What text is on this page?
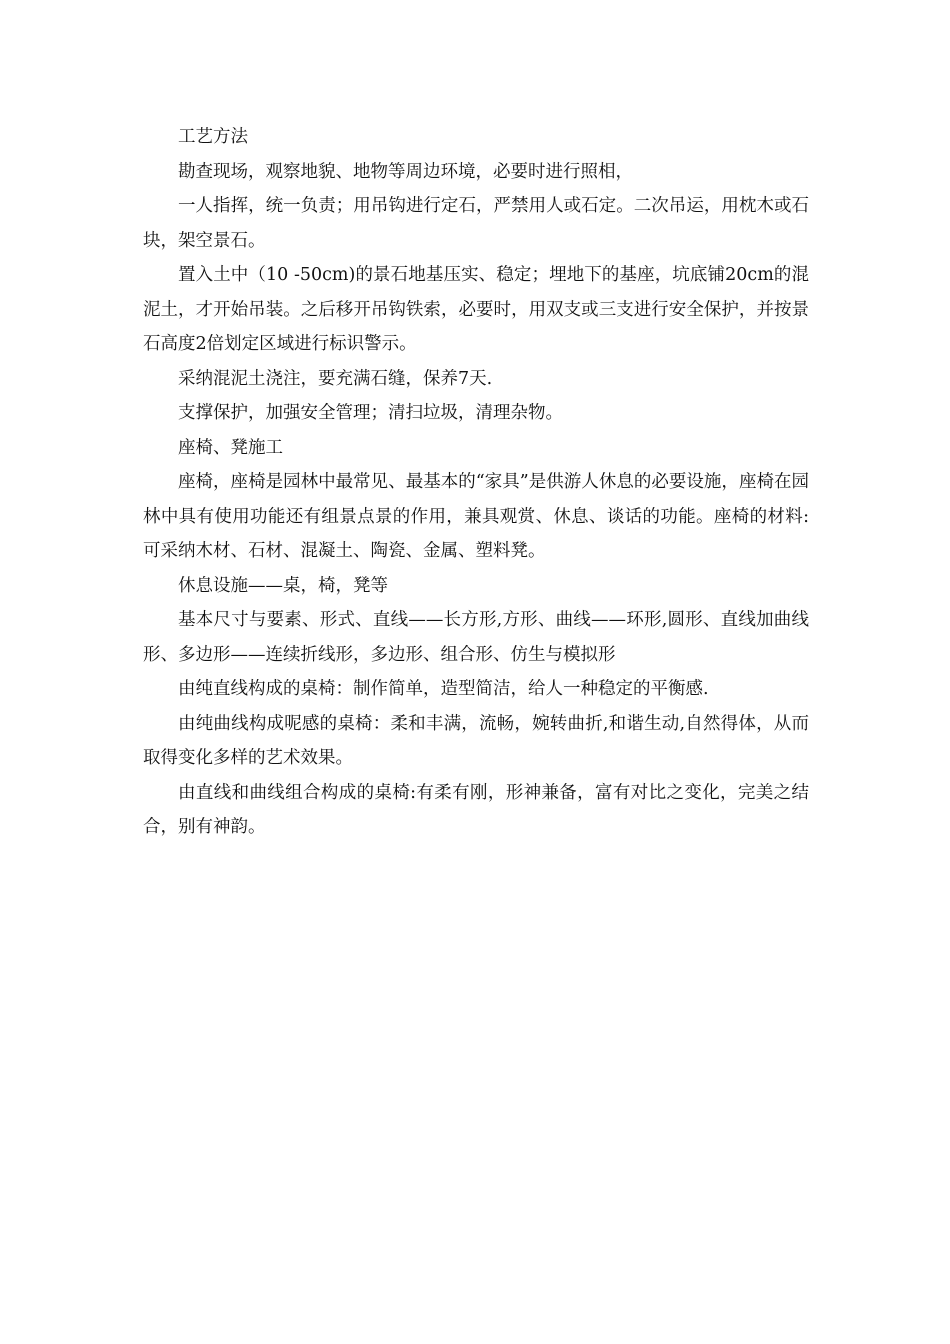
工艺方法

勘查现场，观察地貌、地物等周边环境，必要时进行照相，

一人指挥，统一负责；用吊钩进行定石，严禁用人或石定。二次吊运，用枕木或石块，架空景石。

置入土中（10 -50cm)的景石地基压实、稳定；埋地下的基座，坑底铺20cm的混泥土，才开始吊装。之后移开吊钩铁索，必要时，用双支或三支进行安全保护，并按景石高度2倍划定区域进行标识警示。

采纳混泥土浇注，要充满石缝，保养7天.

支撑保护，加强安全管理；清扫垃圾，清理杂物。

座椅、凳施工

座椅，座椅是园林中最常见、最基本的“家具”是供游人休息的必要设施，座椅在园林中具有使用功能还有组景点景的作用，兼具观赏、休息、谈话的功能。座椅的材料:可采纳木材、石材、混凝土、陶瓷、金属、塑料凳。

休息设施——桌，椅，凳等

基本尺寸与要素、形式、直线——长方形,方形、曲线——环形,圆形、直线加曲线形、多边形——连续折线形，多边形、组合形、仿生与模拟形

由纯直线构成的桌椅：制作简单，造型简洁，给人一种稳定的平衡感.

由纯曲线构成呢感的桌椅：柔和丰满，流畅，婉转曲折,和谐生动,自然得体，从而取得变化多样的艺术效果。

由直线和曲线组合构成的桌椅:有柔有刚，形神兼备，富有对比之变化，完美之结合，别有神韵。
